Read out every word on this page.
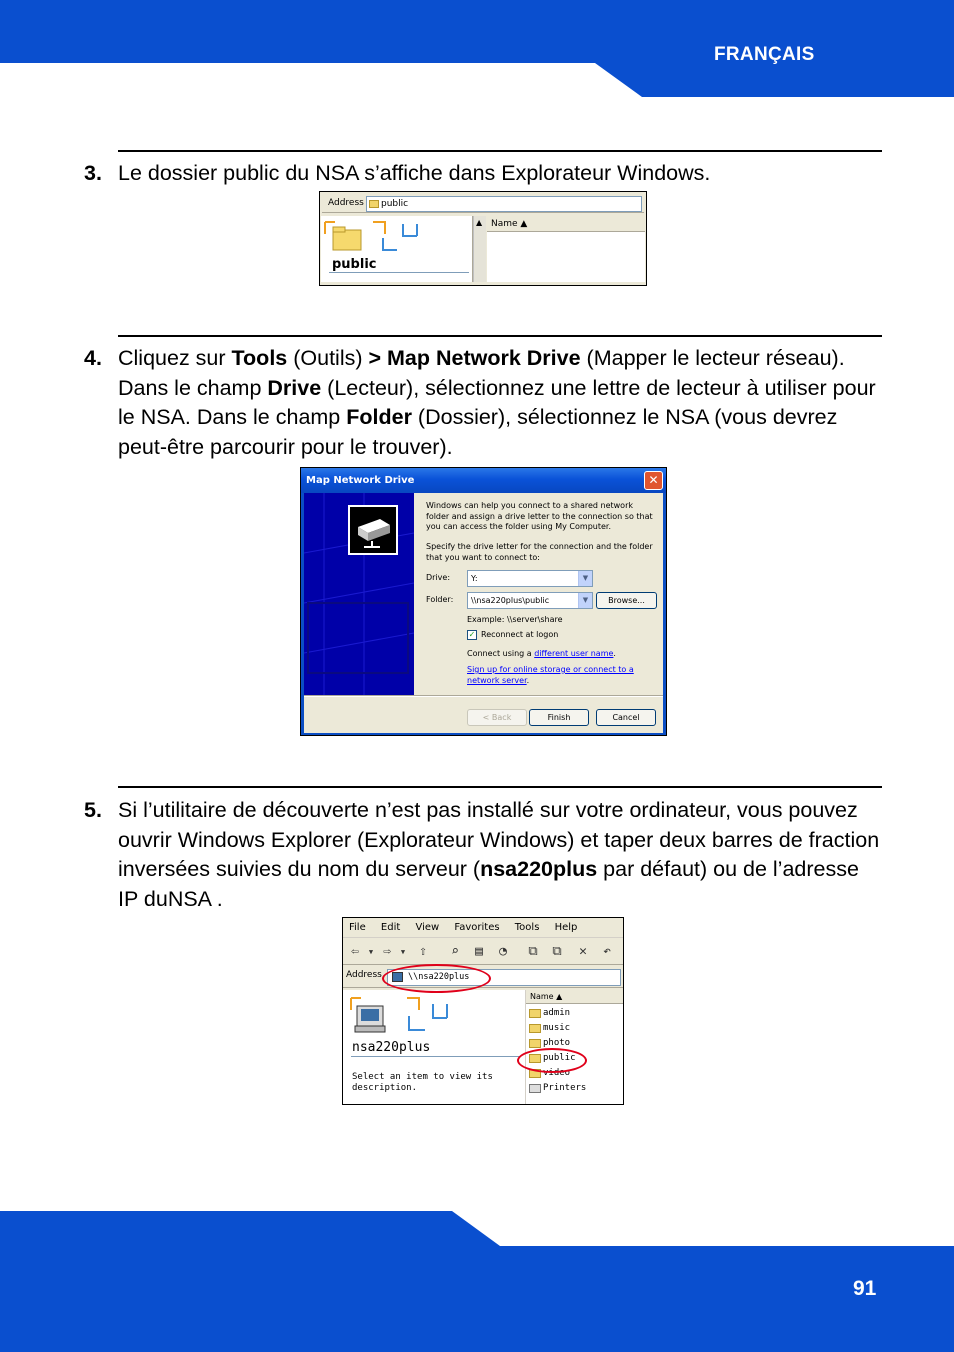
FRANÇAIS
91
3. Le dossier public du NSA s’affiche dans Explorateur Windows.
Address	public
public
▲ Name ▲
4. Cliquez sur Tools (Outils) > Map Network Drive (Mapper le lecteur réseau). Dans le champ Drive (Lecteur), sélectionnez une lettre de lecteur à utiliser pour le NSA. Dans le champ Folder (Dossier), sélectionnez le NSA (vous devrez peut-être parcourir pour le trouver).
Map Network Drive	✕
Windows can help you connect to a shared network folder and assign a drive letter to the connection so that you can access the folder using My Computer.
Specify the drive letter for the connection and the folder that you want to connect to:
Drive:	Y:	▼
Folder:	\\nsa220plus\public	▼	Browse...
Example: \\server\share
✓ Reconnect at logon
Connect using a different user name.
Sign up for online storage or connect to a network server.
< Back	Finish	Cancel
5. Si l’utilitaire de découverte n’est pas installé sur votre ordinateur, vous pouvez ouvrir Windows Explorer (Explorateur Windows) et taper deux barres de fraction inversées suivies du nom du serveur (nsa220plus par défaut) ou de l’adresse IP duNSA .
File Edit View Favorites Tools Help
⇦	▼ ⇨	▼	⇧	⌕	▤	◔	⧉ ⧉	✕	↶
Address	\\nsa220plus
nsa220plus
Select an item to view its description.
Name ▲
admin
music
photo
public
video
Printers
